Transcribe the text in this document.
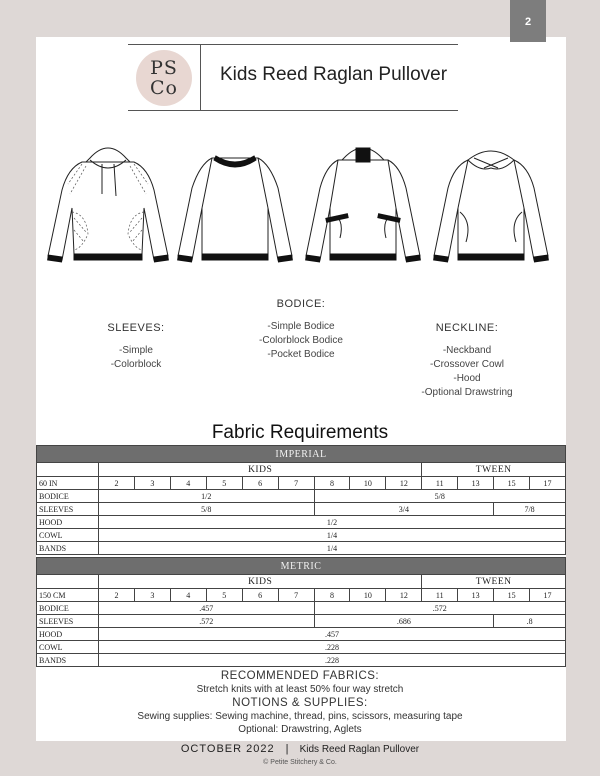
2
PS
Co
Kids Reed Raglan Pullover
SLEEVES:
-Simple
-Colorblock
BODICE:
-Simple Bodice
-Colorblock Bodice
-Pocket Bodice
NECKLINE:
-Neckband
-Crossover Cowl
-Hood
-Optional Drawstring
Fabric Requirements
IMPERIAL													
	KIDS									TWEEN			
60 IN	2	3	4	5	6	7	8	10	12	11	13	15	17
BODICE	1/2						5/8						
SLEEVES	5/8						3/4					7/8	
HOOD	1/2												
COWL	1/4												
BANDS	1/4												
METRIC													
	KIDS									TWEEN			
150 CM	2	3	4	5	6	7	8	10	12	11	13	15	17
BODICE	.457						.572						
SLEEVES	.572						.686					.8	
HOOD	.457												
COWL	.228												
BANDS	.228												
RECOMMENDED FABRICS:
Stretch knits with at least 50% four way stretch
NOTIONS & SUPPLIES:
Sewing supplies: Sewing machine, thread, pins, scissors, measuring tape
Optional: Drawstring, Aglets
OCTOBER 2022 | Kids Reed Raglan Pullover
© Petite Stitchery & Co.
